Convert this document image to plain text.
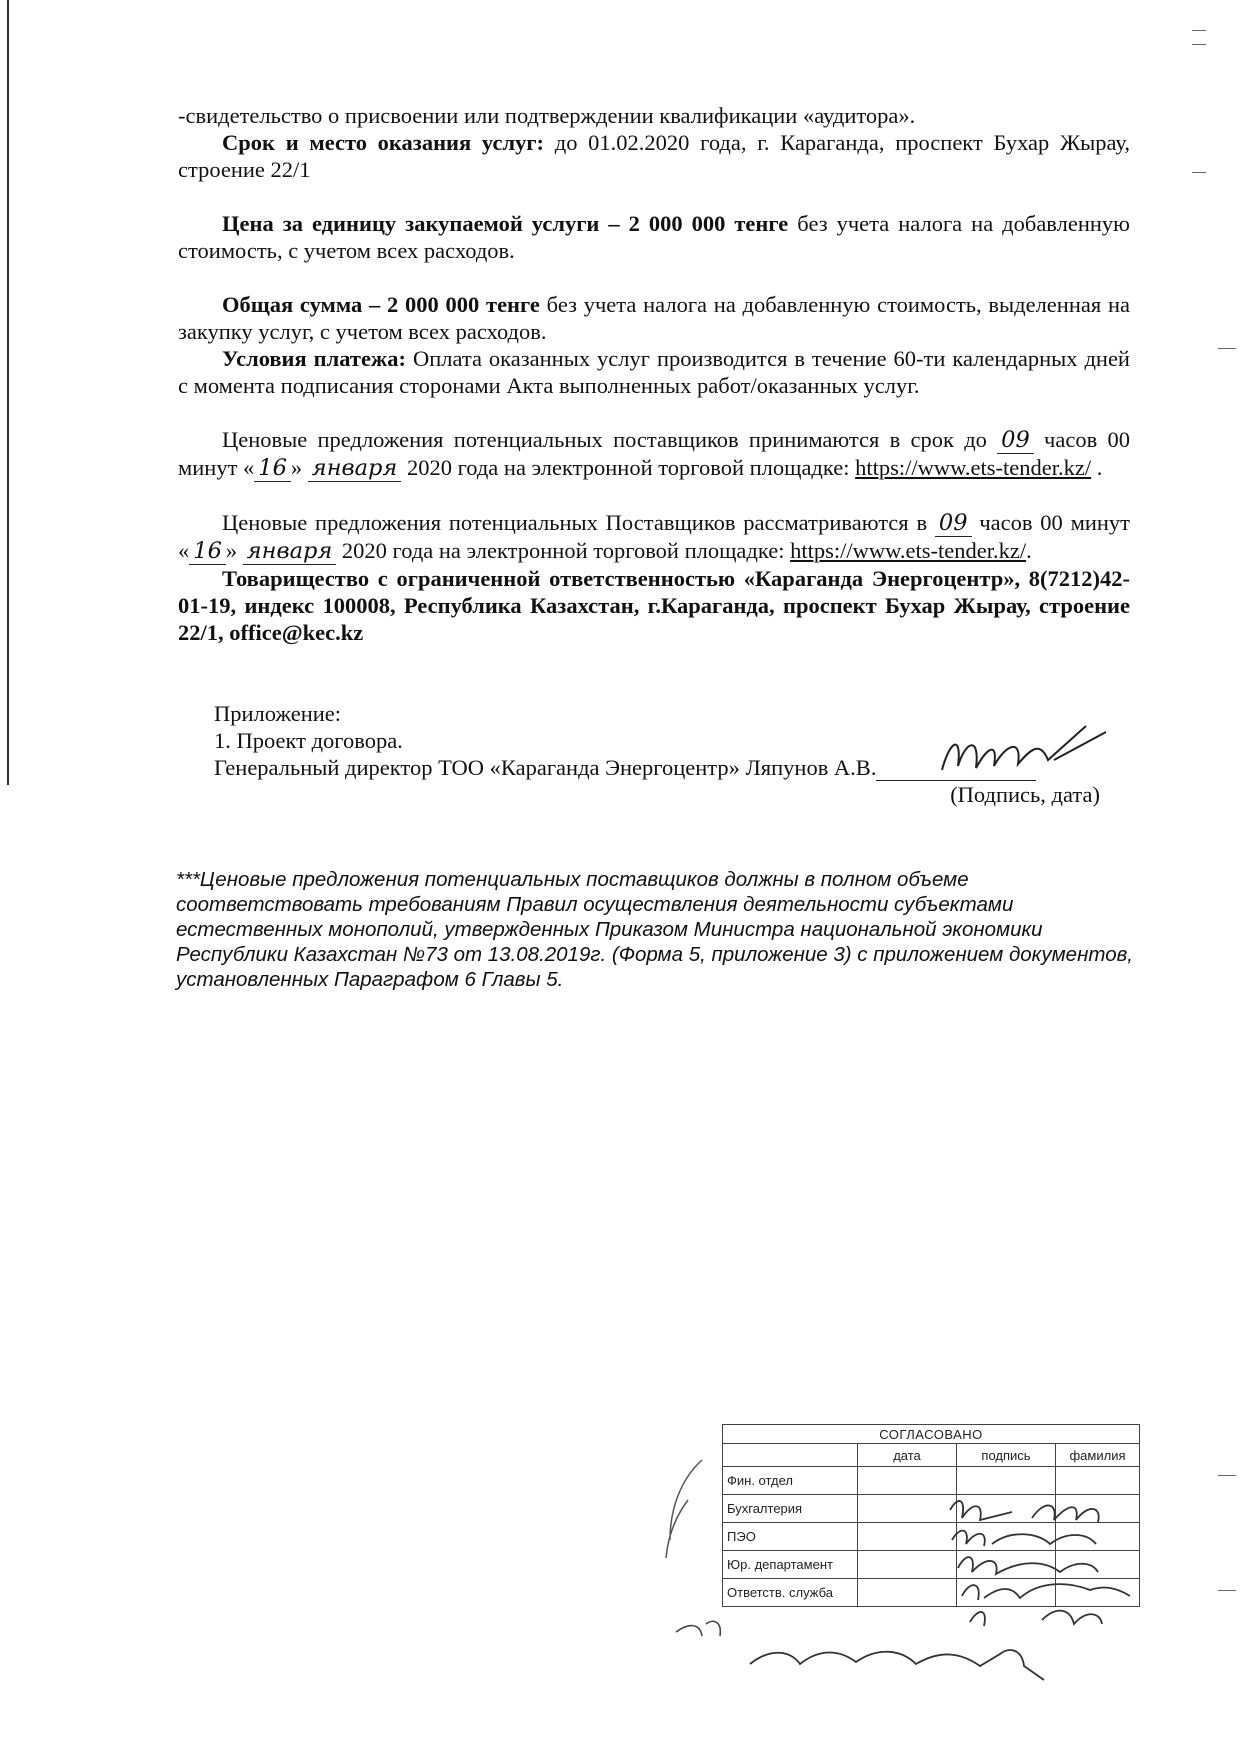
-свидетельство о присвоении или подтверждении квалификации «аудитора».

Срок и место оказания услуг: до 01.02.2020 года, г. Караганда, проспект Бухар Жырау, строение 22/1

Цена за единицу закупаемой услуги – 2 000 000 тенге без учета налога на добавленную стоимость, с учетом всех расходов.

Общая сумма – 2 000 000 тенге без учета налога на добавленную стоимость, выделенная на закупку услуг, с учетом всех расходов.

Условия платежа: Оплата оказанных услуг производится в течение 60-ти календарных дней с момента подписания сторонами Акта выполненных работ/оказанных услуг.

Ценовые предложения потенциальных поставщиков принимаются в срок до 09 часов 00 минут « 16 » января 2020 года на электронной торговой площадке: https://www.ets-tender.kz/ .

Ценовые предложения потенциальных Поставщиков рассматриваются в 09 часов 00 минут « 16 » января 2020 года на электронной торговой площадке: https://www.ets-tender.kz/.

Товарищество с ограниченной ответственностью «Караганда Энергоцентр», 8(7212)42-01-19, индекс 100008, Республика Казахстан, г.Караганда, проспект Бухар Жырау, строение 22/1, office@kec.kz

Приложение:

1. Проект договора.

Генеральный директор ТОО «Караганда Энергоцентр» Ляпунов А.В.

(Подпись, дата)

***Ценовые предложения потенциальных поставщиков должны в полном объеме соответствовать требованиям Правил осуществления деятельности субъектами естественных монополий, утвержденных Приказом Министра национальной экономики Республики Казахстан №73 от 13.08.2019г. (Форма 5, приложение 3) с приложением документов, установленных Параграфом 6 Главы 5.

СОГЛАСОВАНО			
	дата	подпись	фамилия
Фин. отдел			
Бухгалтерия			
ПЭО			
Юр. департамент			
Ответств. служба			
